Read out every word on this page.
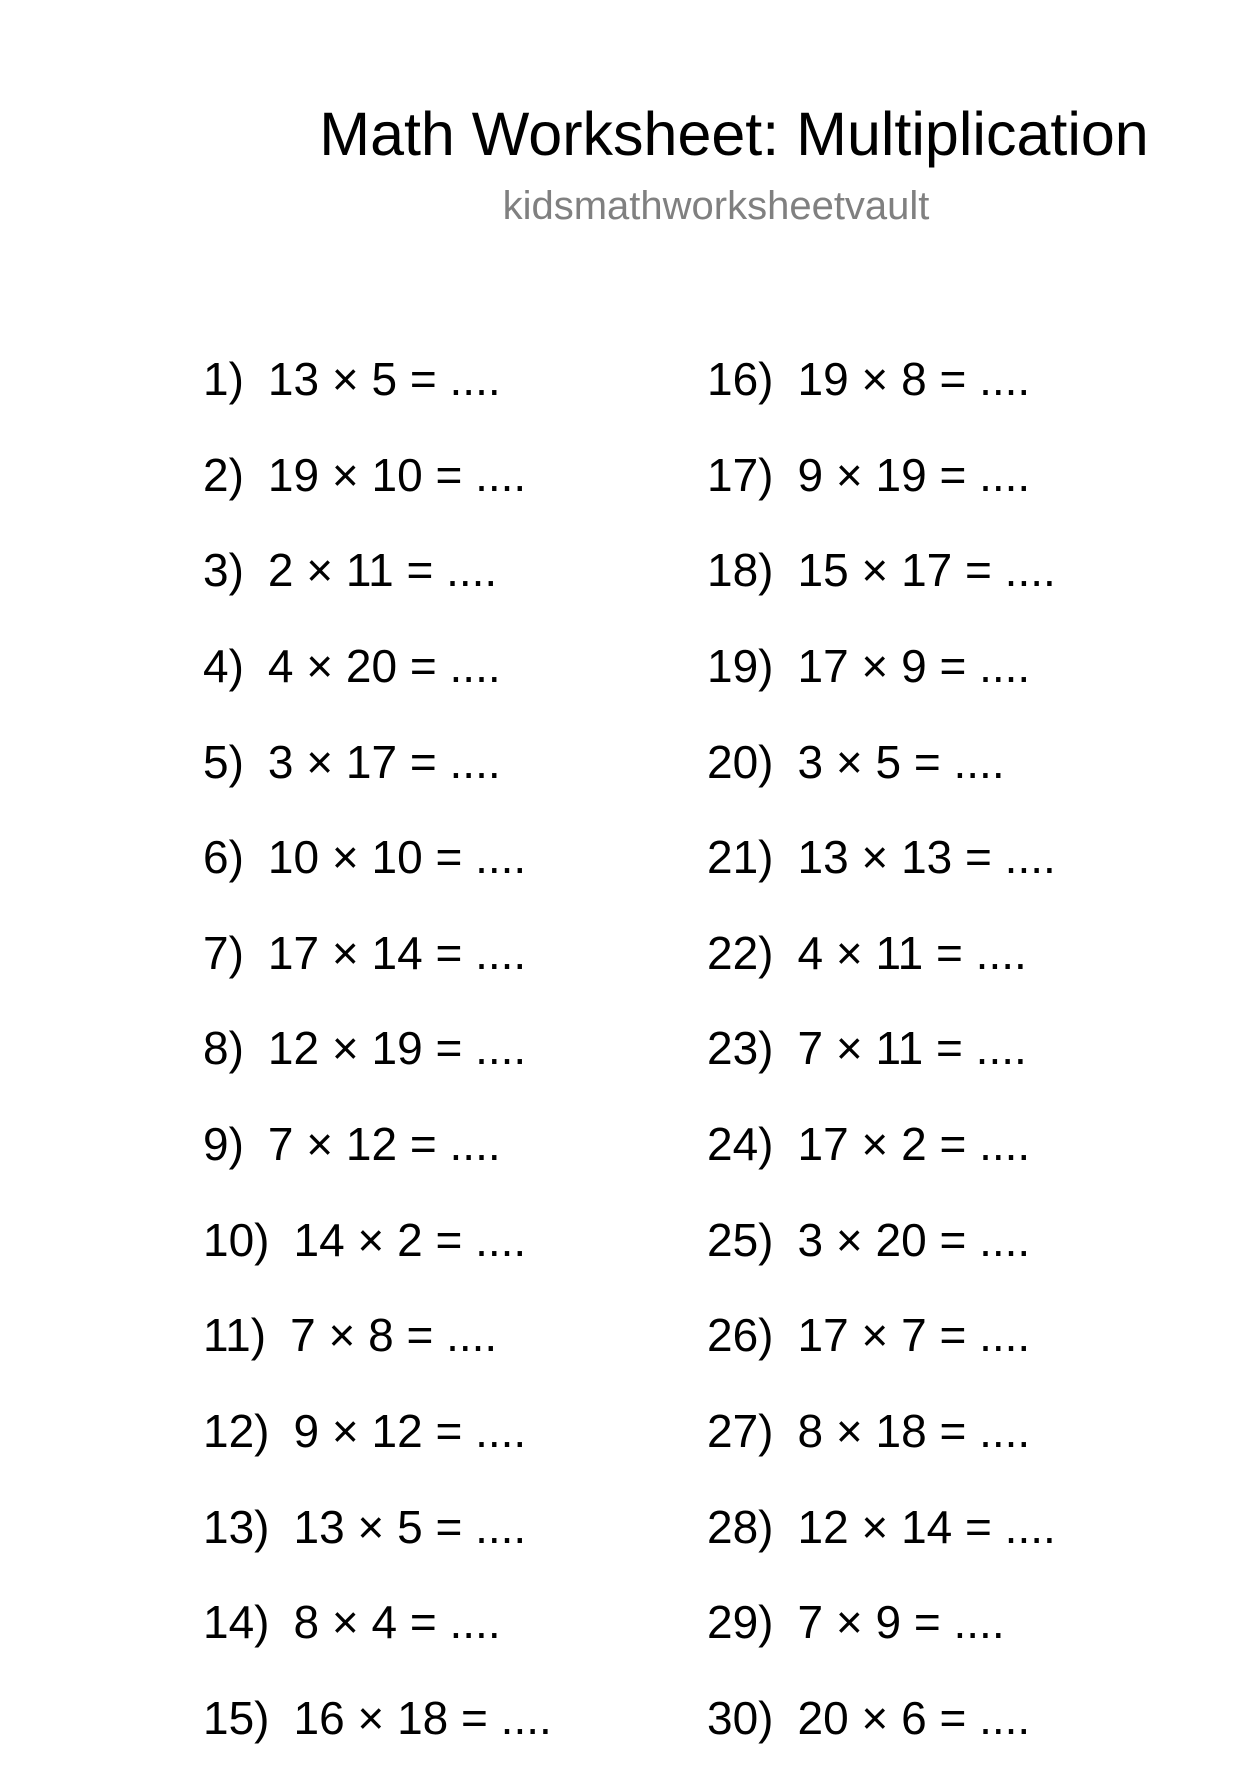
Math Worksheet: Multiplication
kidsmathworksheetvault
1) 13 × 5 = ....
2) 19 × 10 = ....
3) 2 × 11 = ....
4) 4 × 20 = ....
5) 3 × 17 = ....
6) 10 × 10 = ....
7) 17 × 14 = ....
8) 12 × 19 = ....
9) 7 × 12 = ....
10) 14 × 2 = ....
11) 7 × 8 = ....
12) 9 × 12 = ....
13) 13 × 5 = ....
14) 8 × 4 = ....
15) 16 × 18 = ....
16) 19 × 8 = ....
17) 9 × 19 = ....
18) 15 × 17 = ....
19) 17 × 9 = ....
20) 3 × 5 = ....
21) 13 × 13 = ....
22) 4 × 11 = ....
23) 7 × 11 = ....
24) 17 × 2 = ....
25) 3 × 20 = ....
26) 17 × 7 = ....
27) 8 × 18 = ....
28) 12 × 14 = ....
29) 7 × 9 = ....
30) 20 × 6 = ....
